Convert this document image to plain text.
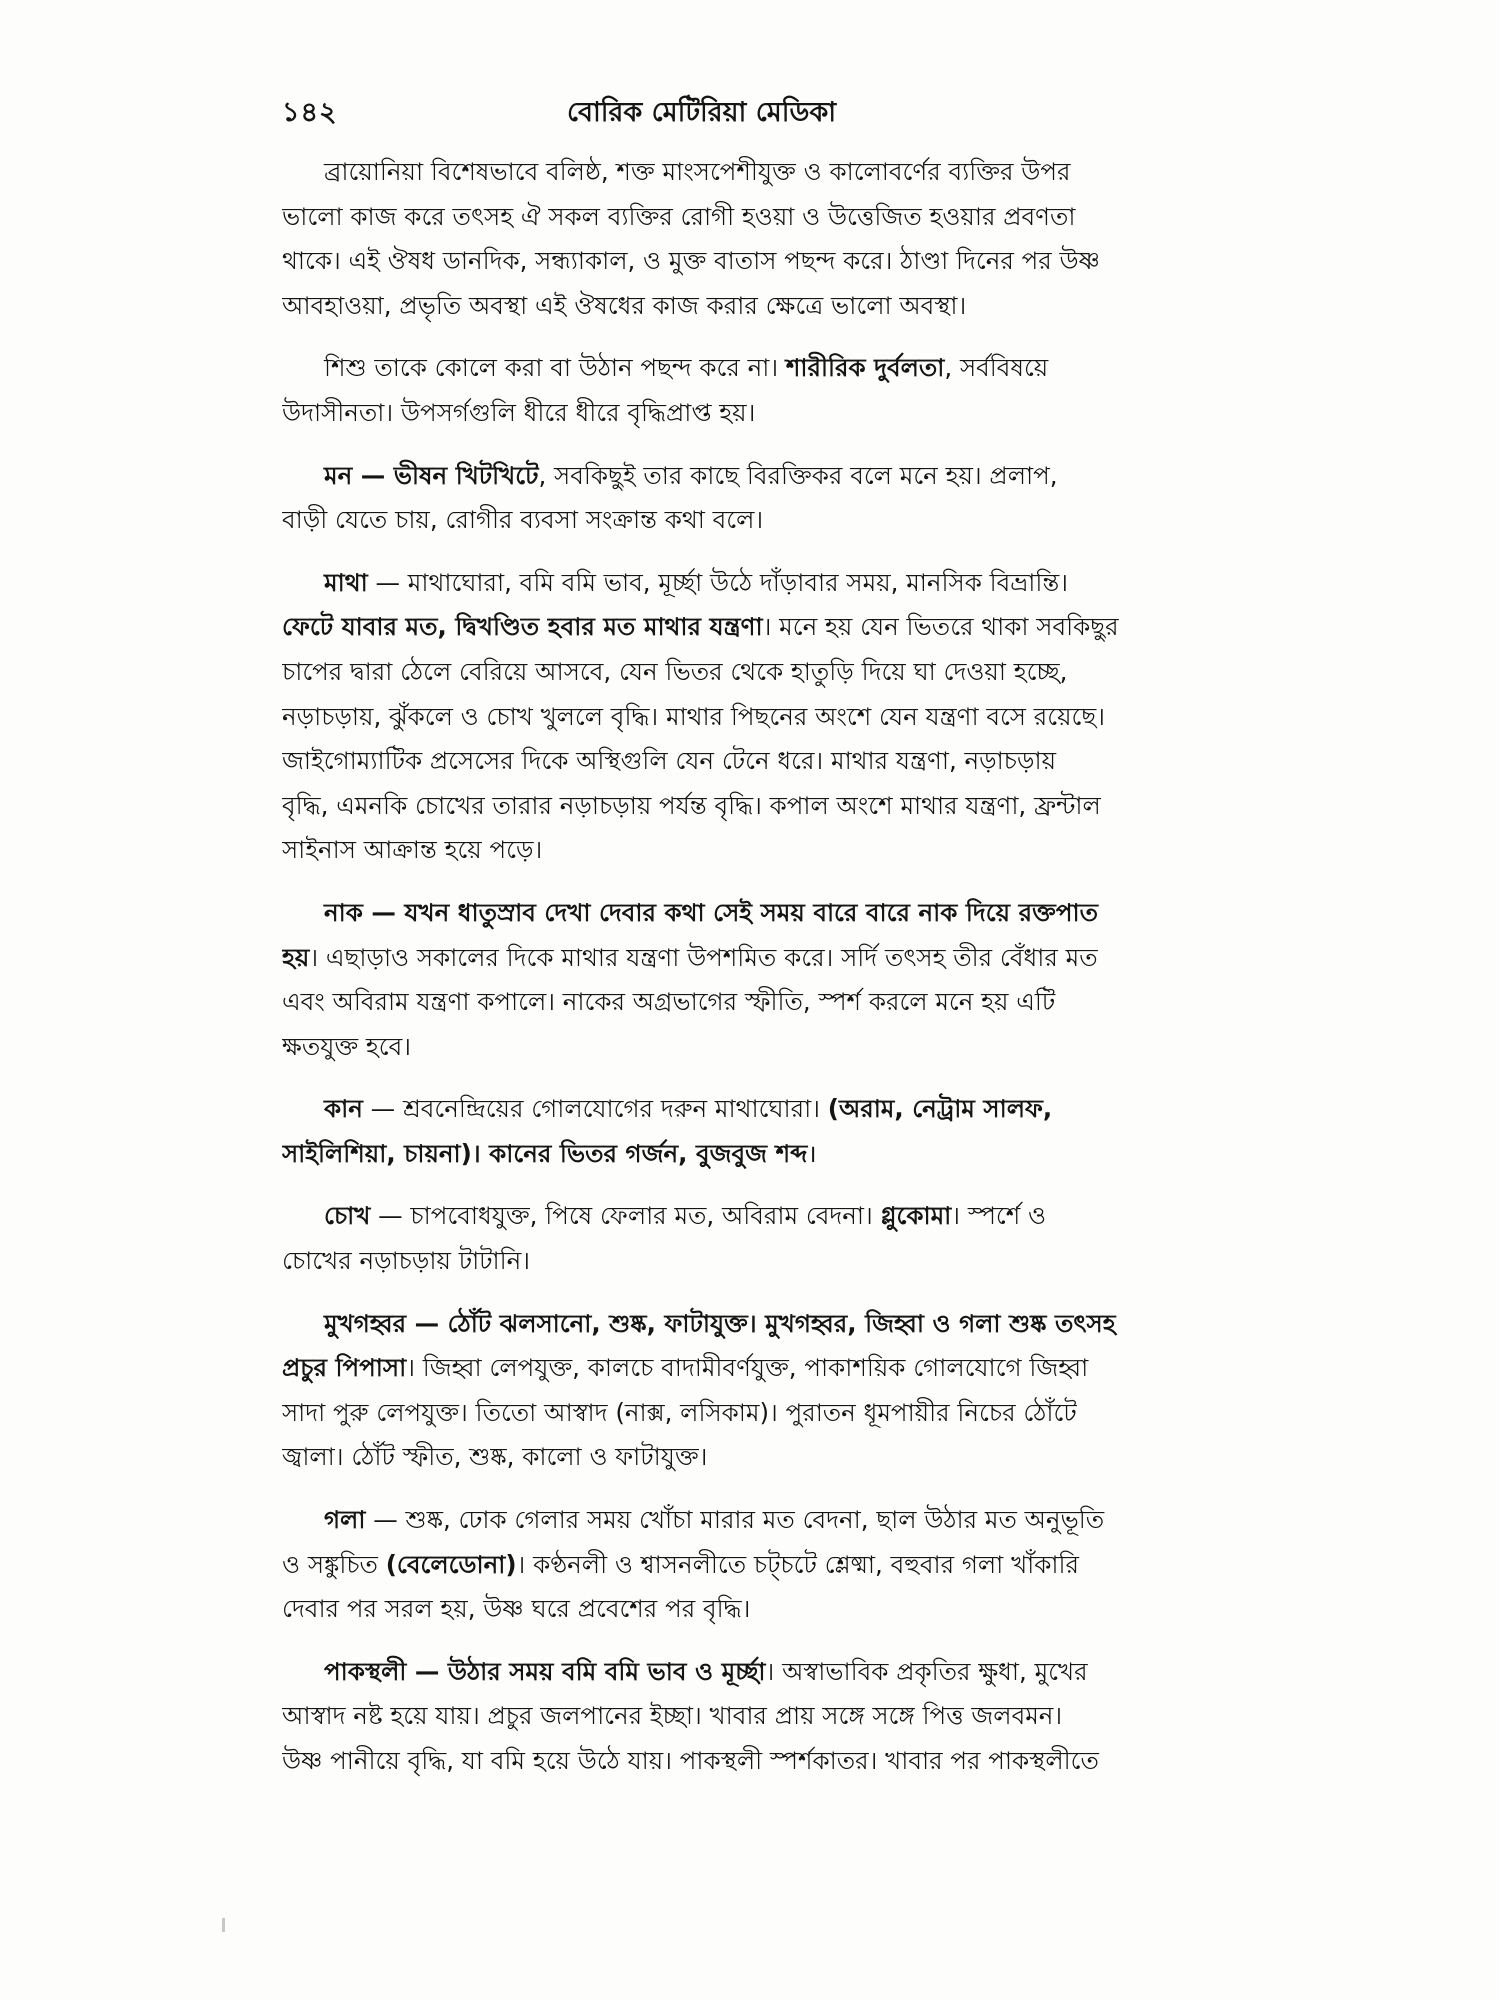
১৪২	বোরিক মেটিরিয়া মেডিকা
ব্রায়োনিয়া বিশেষভাবে বলিষ্ঠ, শক্ত মাংসপেশীযুক্ত ও কালোবর্ণের ব্যক্তির উপর
ভালো কাজ করে তৎসহ ঐ সকল ব্যক্তির রোগী হওয়া ও উত্তেজিত হওয়ার প্রবণতা
থাকে। এই ঔষধ ডানদিক, সন্ধ্যাকাল, ও মুক্ত বাতাস পছন্দ করে। ঠাণ্ডা দিনের পর উষ্ণ
আবহাওয়া, প্রভৃতি অবস্থা এই ঔষধের কাজ করার ক্ষেত্রে ভালো অবস্থা।
শিশু তাকে কোলে করা বা উঠান পছন্দ করে না। শারীরিক দুর্বলতা, সর্ববিষয়ে
উদাসীনতা। উপসর্গগুলি ধীরে ধীরে বৃদ্ধিপ্রাপ্ত হয়।
মন — ভীষন খিটখিটে, সবকিছুই তার কাছে বিরক্তিকর বলে মনে হয়। প্রলাপ,
বাড়ী যেতে চায়, রোগীর ব্যবসা সংক্রান্ত কথা বলে।
মাথা — মাথাঘোরা, বমি বমি ভাব, মূর্চ্ছা উঠে দাঁড়াবার সময়, মানসিক বিভ্রান্তি।
ফেটে যাবার মত, দ্বিখণ্ডিত হবার মত মাথার যন্ত্রণা। মনে হয় যেন ভিতরে থাকা সবকিছুর
চাপের দ্বারা ঠেলে বেরিয়ে আসবে, যেন ভিতর থেকে হাতুড়ি দিয়ে ঘা দেওয়া হচ্ছে,
নড়াচড়ায়, ঝুঁকলে ও চোখ খুললে বৃদ্ধি। মাথার পিছনের অংশে যেন যন্ত্রণা বসে রয়েছে।
জাইগোম্যাটিক প্রসেসের দিকে অস্থিগুলি যেন টেনে ধরে। মাথার যন্ত্রণা, নড়াচড়ায়
বৃদ্ধি, এমনকি চোখের তারার নড়াচড়ায় পর্যন্ত বৃদ্ধি। কপাল অংশে মাথার যন্ত্রণা, ফ্রন্টাল
সাইনাস আক্রান্ত হয়ে পড়ে।
নাক — যখন ধাতুস্রাব দেখা দেবার কথা সেই সময় বারে বারে নাক দিয়ে রক্তপাত
হয়। এছাড়াও সকালের দিকে মাথার যন্ত্রণা উপশমিত করে। সর্দি তৎসহ তীর বেঁধার মত
এবং অবিরাম যন্ত্রণা কপালে। নাকের অগ্রভাগের স্ফীতি, স্পর্শ করলে মনে হয় এটি
ক্ষতযুক্ত হবে।
কান — শ্রবনেন্দ্রিয়ের গোলযোগের দরুন মাথাঘোরা। (অরাম, নেট্রাম সালফ,
সাইলিশিয়া, চায়না)। কানের ভিতর গর্জন, বুজবুজ শব্দ।
চোখ — চাপবোধযুক্ত, পিষে ফেলার মত, অবিরাম বেদনা। গ্লুকোমা। স্পর্শে ও
চোখের নড়াচড়ায় টাটানি।
মুখগহ্বর — ঠোঁট ঝলসানো, শুষ্ক, ফাটাযুক্ত। মুখগহ্বর, জিহ্বা ও গলা শুষ্ক তৎসহ
প্রচুর পিপাসা। জিহ্বা লেপযুক্ত, কালচে বাদামীবর্ণযুক্ত, পাকাশয়িক গোলযোগে জিহ্বা
সাদা পুরু লেপযুক্ত। তিতো আস্বাদ (নাক্স, লসিকাম)। পুরাতন ধূমপায়ীর নিচের ঠোঁটে
জ্বালা। ঠোঁট স্ফীত, শুষ্ক, কালো ও ফাটাযুক্ত।
গলা — শুষ্ক, ঢোক গেলার সময় খোঁচা মারার মত বেদনা, ছাল উঠার মত অনুভূতি
ও সঙ্কুচিত (বেলেডোনা)। কণ্ঠনলী ও শ্বাসনলীতে চট্‌চটে শ্লেষ্মা, বহুবার গলা খাঁকারি
দেবার পর সরল হয়, উষ্ণ ঘরে প্রবেশের পর বৃদ্ধি।
পাকস্থলী — উঠার সময় বমি বমি ভাব ও মূর্চ্ছা। অস্বাভাবিক প্রকৃতির ক্ষুধা, মুখের
আস্বাদ নষ্ট হয়ে যায়। প্রচুর জলপানের ইচ্ছা। খাবার প্রায় সঙ্গে সঙ্গে পিত্ত জলবমন।
উষ্ণ পানীয়ে বৃদ্ধি, যা বমি হয়ে উঠে যায়। পাকস্থলী স্পর্শকাতর। খাবার পর পাকস্থলীতে
